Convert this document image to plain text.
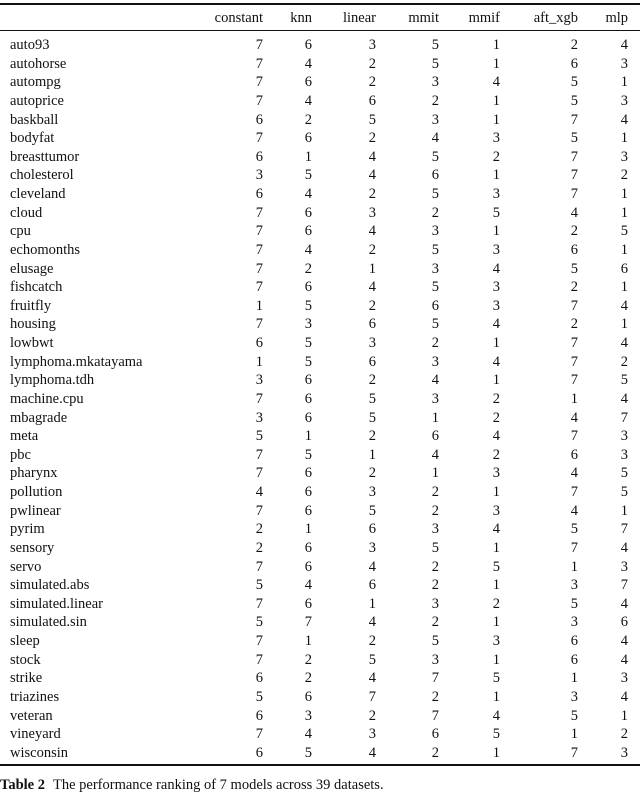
	constant	knn	linear	mmit	mmif	aft_xgb	mlp
auto93	7	6	3	5	1	2	4
autohorse	7	4	2	5	1	6	3
autompg	7	6	2	3	4	5	1
autoprice	7	4	6	2	1	5	3
baskball	6	2	5	3	1	7	4
bodyfat	7	6	2	4	3	5	1
breasttumor	6	1	4	5	2	7	3
cholesterol	3	5	4	6	1	7	2
cleveland	6	4	2	5	3	7	1
cloud	7	6	3	2	5	4	1
cpu	7	6	4	3	1	2	5
echomonths	7	4	2	5	3	6	1
elusage	7	2	1	3	4	5	6
fishcatch	7	6	4	5	3	2	1
fruitfly	1	5	2	6	3	7	4
housing	7	3	6	5	4	2	1
lowbwt	6	5	3	2	1	7	4
lymphoma.mkatayama	1	5	6	3	4	7	2
lymphoma.tdh	3	6	2	4	1	7	5
machine.cpu	7	6	5	3	2	1	4
mbagrade	3	6	5	1	2	4	7
meta	5	1	2	6	4	7	3
pbc	7	5	1	4	2	6	3
pharynx	7	6	2	1	3	4	5
pollution	4	6	3	2	1	7	5
pwlinear	7	6	5	2	3	4	1
pyrim	2	1	6	3	4	5	7
sensory	2	6	3	5	1	7	4
servo	7	6	4	2	5	1	3
simulated.abs	5	4	6	2	1	3	7
simulated.linear	7	6	1	3	2	5	4
simulated.sin	5	7	4	2	1	3	6
sleep	7	1	2	5	3	6	4
stock	7	2	5	3	1	6	4
strike	6	2	4	7	5	1	3
triazines	5	6	7	2	1	3	4
veteran	6	3	2	7	4	5	1
vineyard	7	4	3	6	5	1	2
wisconsin	6	5	4	2	1	7	3
Table 2 The performance ranking of 7 models across 39 datasets.
